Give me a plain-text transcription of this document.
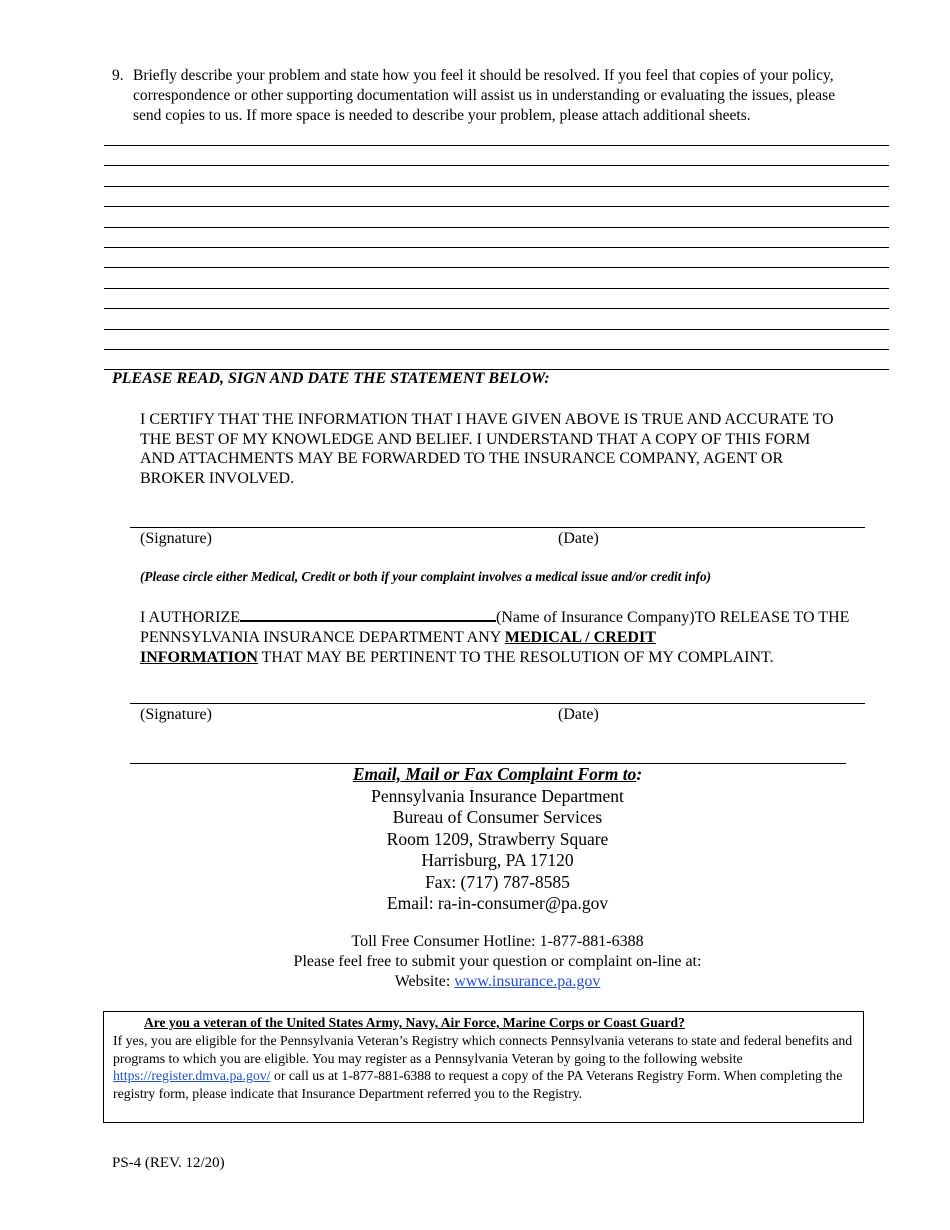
9. Briefly describe your problem and state how you feel it should be resolved. If you feel that copies of your policy, correspondence or other supporting documentation will assist us in understanding or evaluating the issues, please send copies to us. If more space is needed to describe your problem, please attach additional sheets.
PLEASE READ, SIGN AND DATE THE STATEMENT BELOW:
I CERTIFY THAT THE INFORMATION THAT I HAVE GIVEN ABOVE IS TRUE AND ACCURATE TO THE BEST OF MY KNOWLEDGE AND BELIEF. I UNDERSTAND THAT A COPY OF THIS FORM AND ATTACHMENTS MAY BE FORWARDED TO THE INSURANCE COMPANY, AGENT OR BROKER INVOLVED.
(Signature)	(Date)
(Please circle either Medical, Credit or both if your complaint involves a medical issue and/or credit info)
I AUTHORIZE	(Name of Insurance Company)TO RELEASE TO THE PENNSYLVANIA INSURANCE DEPARTMENT ANY MEDICAL / CREDIT
INFORMATION THAT MAY BE PERTINENT TO THE RESOLUTION OF MY COMPLAINT.
(Signature)	(Date)
Email, Mail or Fax Complaint Form to:
Pennsylvania Insurance Department
Bureau of Consumer Services
Room 1209, Strawberry Square
Harrisburg, PA 17120
Fax: (717) 787-8585
Email: ra-in-consumer@pa.gov
Toll Free Consumer Hotline: 1-877-881-6388
Please feel free to submit your question or complaint on-line at:
Website: www.insurance.pa.gov
Are you a veteran of the United States Army, Navy, Air Force, Marine Corps or Coast Guard?
If yes, you are eligible for the Pennsylvania Veteran’s Registry which connects Pennsylvania veterans to state and federal benefits and programs to which you are eligible. You may register as a Pennsylvania Veteran by going to the following website https://register.dmva.pa.gov/ or call us at 1-877-881-6388 to request a copy of the PA Veterans Registry Form. When completing the registry form, please indicate that Insurance Department referred you to the Registry.
PS-4 (REV. 12/20)
